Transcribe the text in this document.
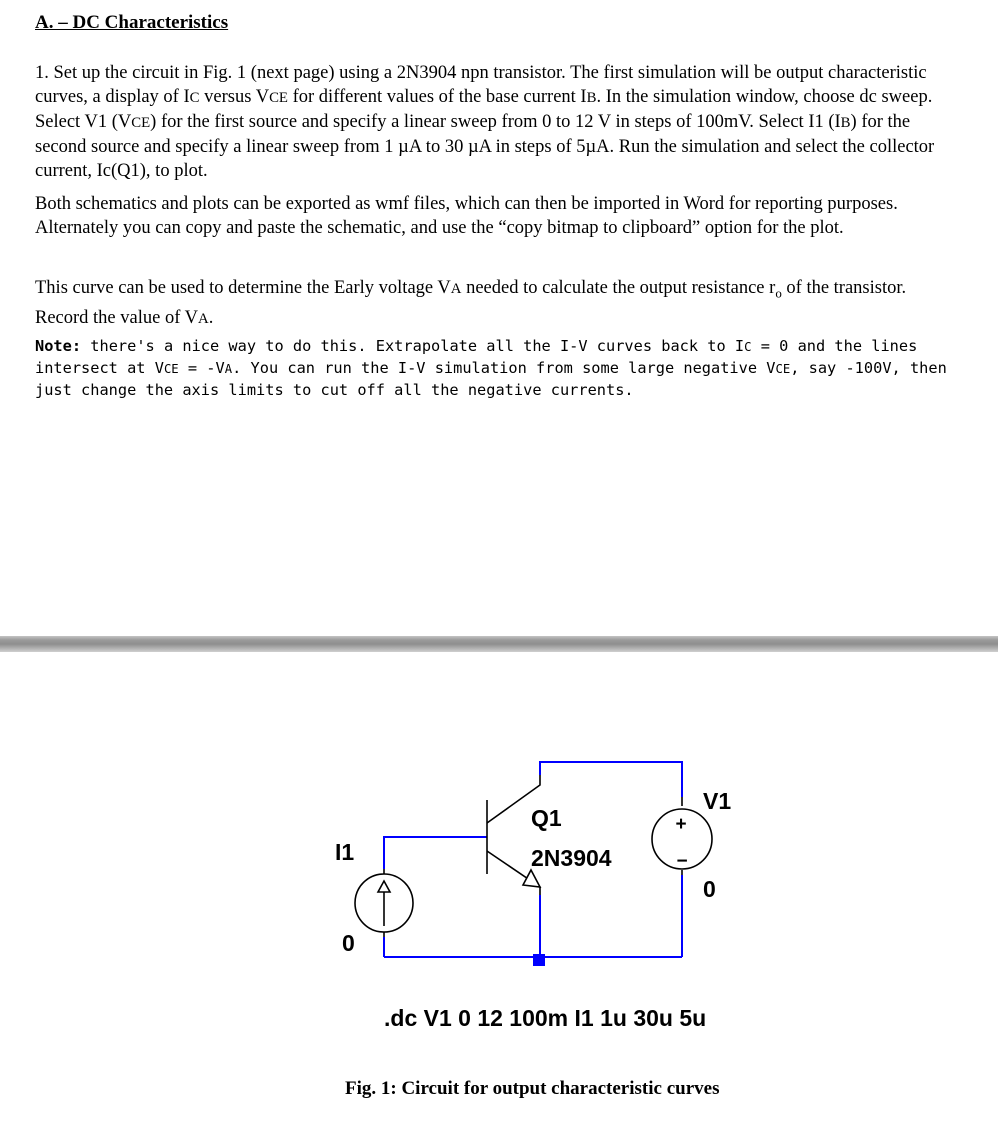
A. – DC Characteristics

1. Set up the circuit in Fig. 1 (next page) using a 2N3904 npn transistor. The first simulation will be output characteristic curves, a display of IC versus VCE for different values of the base current IB. In the simulation window, choose dc sweep. Select V1 (VCE) for the first source and specify a linear sweep from 0 to 12 V in steps of 100mV. Select I1 (IB) for the second source and specify a linear sweep from 1 µA to 30 µA in steps of 5µA. Run the simulation and select the collector current, Ic(Q1), to plot.

Both schematics and plots can be exported as wmf files, which can then be imported in Word for reporting purposes. Alternately you can copy and paste the schematic, and use the “copy bitmap to clipboard” option for the plot.

This curve can be used to determine the Early voltage VA needed to calculate the output resistance $r_o$ of the transistor. Record the value of VA.

Note: there's a nice way to do this. Extrapolate all the I-V curves back to IC = 0 and the lines intersect at VCE = -VA. You can run the I-V simulation from some large negative VCE, say -100V, then just change the axis limits to cut off all the negative currents.

+
−
Q1
2N3904
V1
0
I1
0
.dc V1 0 12 100m I1 1u 30u 5u

Fig. 1: Circuit for output characteristic curves
